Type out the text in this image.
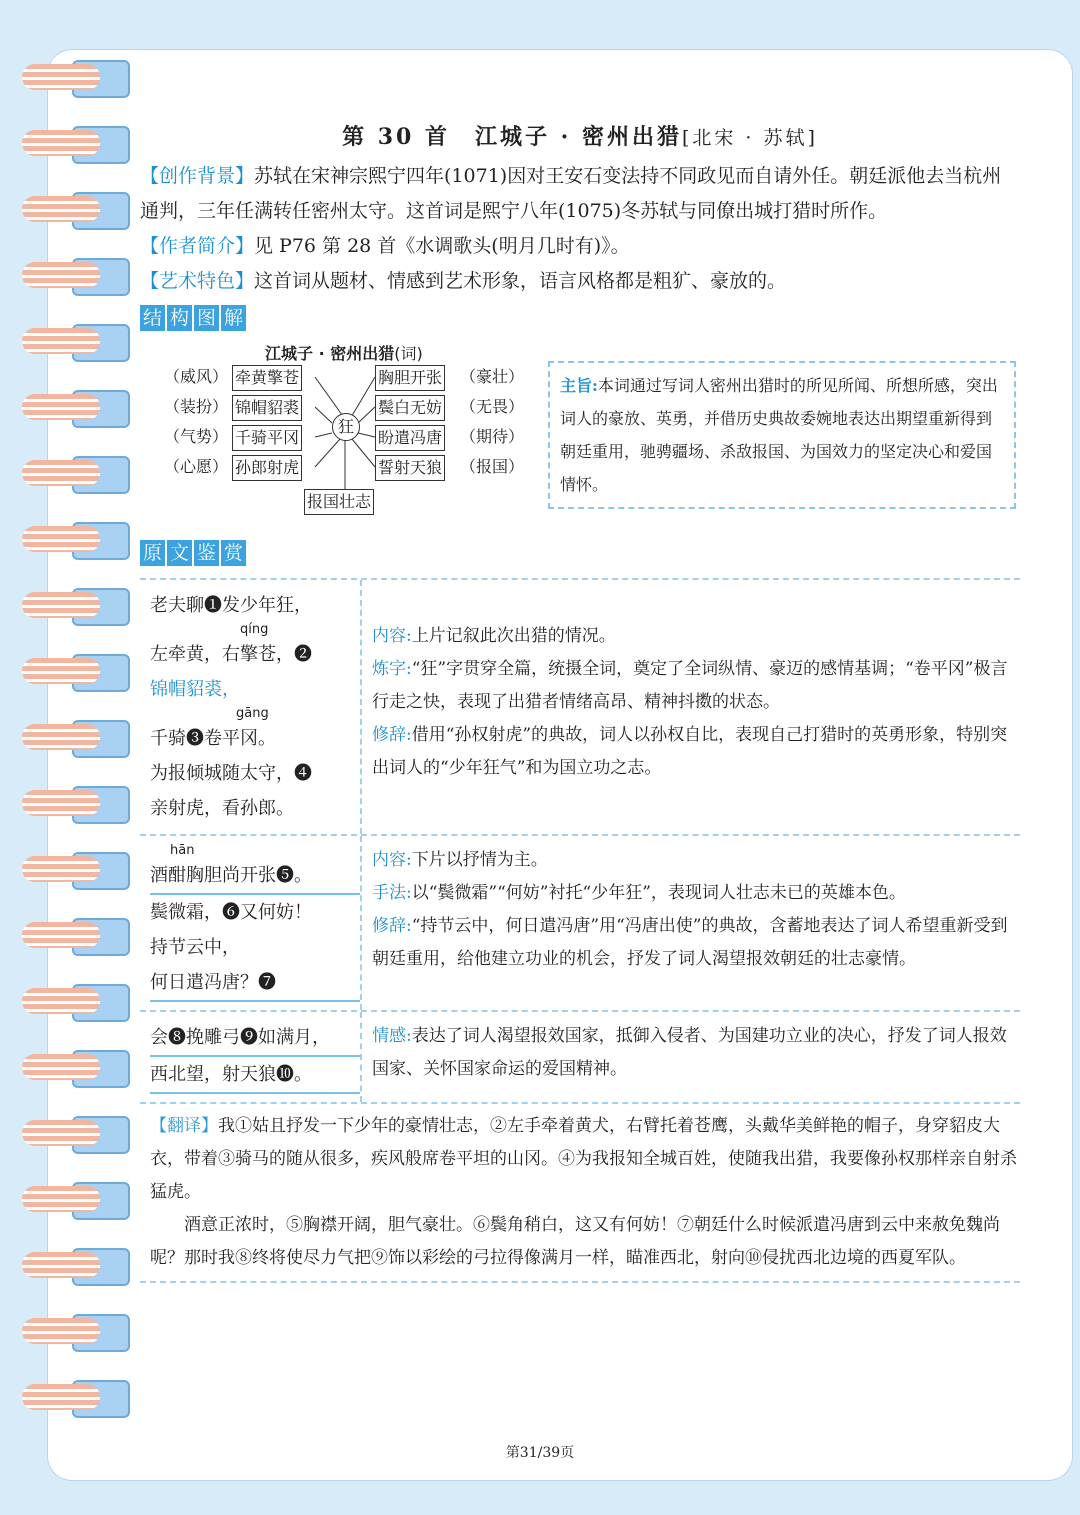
第 30 首　江城子 · 密州出猎[北宋 · 苏轼]

【创作背景】苏轼在宋神宗熙宁四年(1071)因对王安石变法持不同政见而自请外任。朝廷派他去当杭州通判，三年任满转任密州太守。这首词是熙宁八年(1075)冬苏轼与同僚出城打猎时所作。

【作者简介】见 P76 第 28 首《水调歌头(明月几时有)》。

【艺术特色】这首词从题材、情感到艺术形象，语言风格都是粗犷、豪放的。

结 构 图 解
江城子 · 密州出猎(词)
（威风）
（装扮）
（气势）
（心愿）
牵黄擎苍
锦帽貂裘
千骑平冈
孙郎射虎
狂
胸胆开张
鬓白无妨
盼遣冯唐
誓射天狼
（豪壮）
（无畏）
（期待）
（报国）
报国壮志
主旨:本词通过写词人密州出猎时的所见所闻、所想所感，突出词人的豪放、英勇，并借历史典故委婉地表达出期望重新得到朝廷重用，驰骋疆场、杀敌报国、为国效力的坚定决心和爱国情怀。
原 文 鉴 赏
老夫聊❶发少年狂，
qíng
左牵黄，右擎苍，❷
锦帽貂裘，
gāng
千骑❸卷平冈。
为报倾城随太守，❹
亲射虎，看孙郎。
内容:上片记叙此次出猎的情况。
炼字:“狂”字贯穿全篇，统摄全词，奠定了全词纵情、豪迈的感情基调；“卷平冈”极言行走之快，表现了出猎者情绪高昂、精神抖擞的状态。
修辞:借用“孙权射虎”的典故，词人以孙权自比，表现自己打猎时的英勇形象，特别突出词人的“少年狂气”和为国立功之志。
hān
酒酣胸胆尚开张❺。
鬓微霜，❻又何妨！
持节云中，
何日遣冯唐？❼
内容:下片以抒情为主。
手法:以“鬓微霜”“何妨”衬托“少年狂”，表现词人壮志未已的英雄本色。
修辞:“持节云中，何日遣冯唐”用“冯唐出使”的典故，含蓄地表达了词人希望重新受到朝廷重用，给他建立功业的机会，抒发了词人渴望报效朝廷的壮志豪情。
会❽挽雕弓❾如满月，
西北望，射天狼❿。
情感:表达了词人渴望报效国家，抵御入侵者、为国建功立业的决心，抒发了词人报效国家、关怀国家命运的爱国精神。
【翻译】我①姑且抒发一下少年的豪情壮志，②左手牵着黄犬，右臂托着苍鹰，头戴华美鲜艳的帽子，身穿貂皮大衣，带着③骑马的随从很多，疾风般席卷平坦的山冈。④为我报知全城百姓，使随我出猎，我要像孙权那样亲自射杀猛虎。
酒意正浓时，⑤胸襟开阔，胆气豪壮。⑥鬓角稍白，这又有何妨！⑦朝廷什么时候派遣冯唐到云中来赦免魏尚呢？那时我⑧终将使尽力气把⑨饰以彩绘的弓拉得像满月一样，瞄准西北，射向⑩侵扰西北边境的西夏军队。
第31/39页
